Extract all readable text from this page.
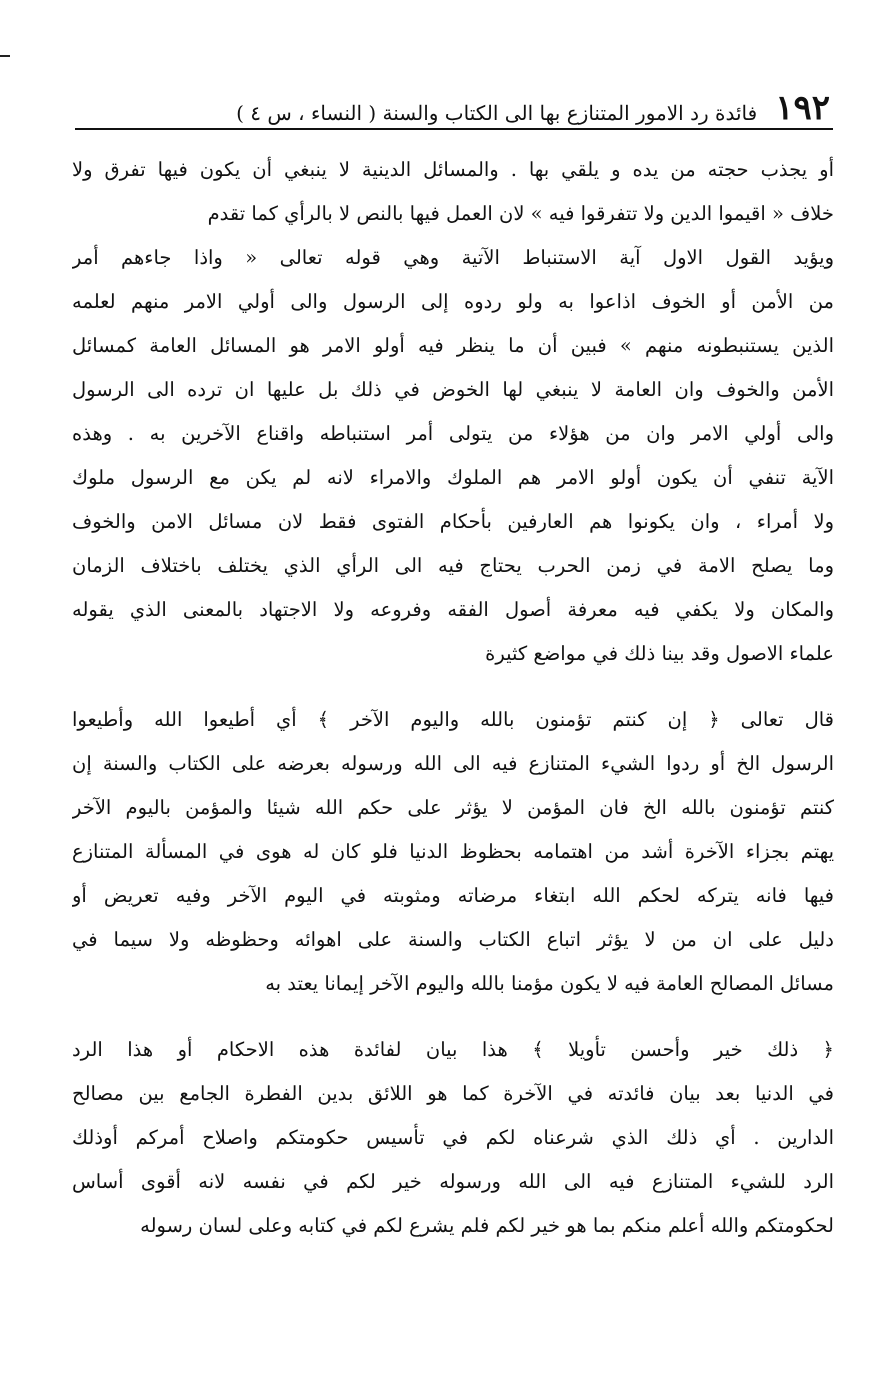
١٩٢
فائدة رد الامور المتنازع بها الى الكتاب والسنة ( النساء ، س ٤ )
أو يجذب حجته من يده و يلقي بها . والمسائل الدينية لا ينبغي أن يكون فيها تفرق ولا
خلاف « اقيموا الدين ولا تتفرقوا فيه » لان العمل فيها بالنص لا بالرأي كما تقدم
ويؤيد القول الاول آية الاستنباط الآتية وهي قوله تعالى « واذا جاءهم أمر
من الأمن أو الخوف اذاعوا به ولو ردوه إلى الرسول والى أولي الامر منهم لعلمه
الذين يستنبطونه منهم » فبين أن ما ينظر فيه أولو الامر هو المسائل العامة كمسائل
الأمن والخوف وان العامة لا ينبغي لها الخوض في ذلك بل عليها ان ترده الى الرسول
والى أولي الامر وان من هؤلاء من يتولى أمر استنباطه واقناع الآخرين به . وهذه
الآية تنفي أن يكون أولو الامر هم الملوك والامراء لانه لم يكن مع الرسول ملوك
ولا أمراء ، وان يكونوا هم العارفين بأحكام الفتوى فقط لان مسائل الامن والخوف
وما يصلح الامة في زمن الحرب يحتاج فيه الى الرأي الذي يختلف باختلاف الزمان
والمكان ولا يكفي فيه معرفة أصول الفقه وفروعه ولا الاجتهاد بالمعنى الذي يقوله
علماء الاصول وقد بينا ذلك في مواضع كثيرة
قال تعالى ﴿ إن كنتم تؤمنون بالله واليوم الآخر ﴾ أي أطيعوا الله وأطيعوا
الرسول الخ أو ردوا الشيء المتنازع فيه الى الله ورسوله بعرضه على الكتاب والسنة إن
كنتم تؤمنون بالله الخ فان المؤمن لا يؤثر على حكم الله شيئا والمؤمن باليوم الآخر
يهتم بجزاء الآخرة أشد من اهتمامه بحظوظ الدنيا فلو كان له هوى في المسألة المتنازع
فيها فانه يتركه لحكم الله ابتغاء مرضاته ومثوبته في اليوم الآخر وفيه تعريض أو
دليل على ان من لا يؤثر اتباع الكتاب والسنة على اهوائه وحظوظه ولا سيما في
مسائل المصالح العامة فيه لا يكون مؤمنا بالله واليوم الآخر إيمانا يعتد به
﴿ ذلك خير وأحسن تأويلا ﴾ هذا بيان لفائدة هذه الاحكام أو هذا الرد
في الدنيا بعد بيان فائدته في الآخرة كما هو اللائق بدين الفطرة الجامع بين مصالح
الدارين . أي ذلك الذي شرعناه لكم في تأسيس حكومتكم واصلاح أمركم أوذلك
الرد للشيء المتنازع فيه الى الله ورسوله خير لكم في نفسه لانه أقوى أساس
لحكومتكم والله أعلم منكم بما هو خير لكم فلم يشرع لكم في كتابه وعلى لسان رسوله
